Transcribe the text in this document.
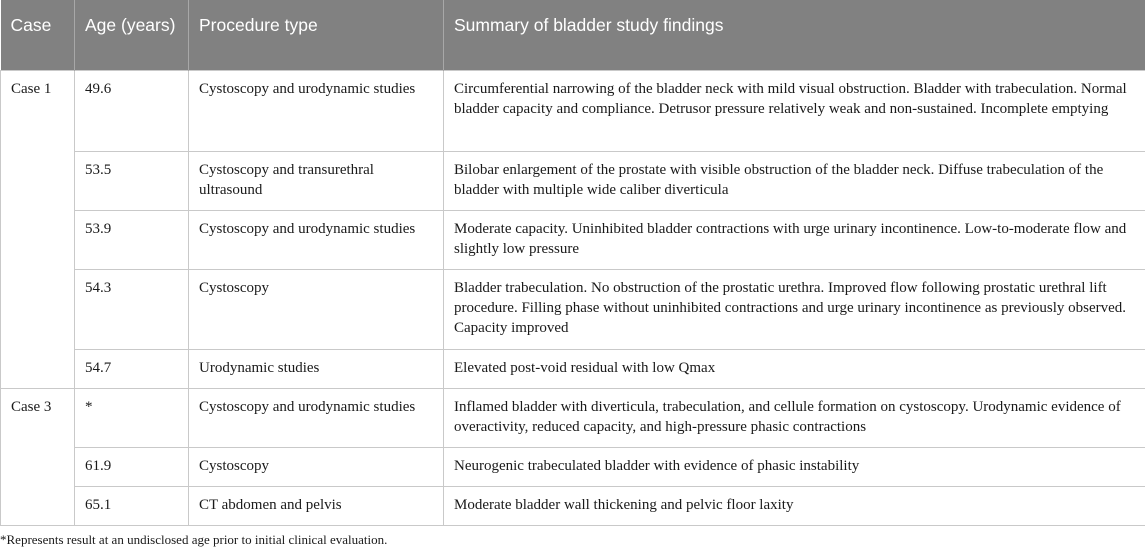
Case	Age (years)	Procedure type	Summary of bladder study findings
Case 1	49.6	Cystoscopy and urodynamic studies	Circumferential narrowing of the bladder neck with mild visual obstruction. Bladder with trabeculation. Normal bladder capacity and compliance. Detrusor pressure relatively weak and non-sustained. Incomplete emptying
	53.5	Cystoscopy and transurethral ultrasound	Bilobar enlargement of the prostate with visible obstruction of the bladder neck. Diffuse trabeculation of the bladder with multiple wide caliber diverticula
	53.9	Cystoscopy and urodynamic studies	Moderate capacity. Uninhibited bladder contractions with urge urinary incontinence. Low-to-moderate flow and slightly low pressure
	54.3	Cystoscopy	Bladder trabeculation. No obstruction of the prostatic urethra. Improved flow following prostatic urethral lift procedure. Filling phase without uninhibited contractions and urge urinary incontinence as previously observed. Capacity improved
	54.7	Urodynamic studies	Elevated post-void residual with low Qmax
Case 3	*	Cystoscopy and urodynamic studies	Inflamed bladder with diverticula, trabeculation, and cellule formation on cystoscopy. Urodynamic evidence of overactivity, reduced capacity, and high-pressure phasic contractions
	61.9	Cystoscopy	Neurogenic trabeculated bladder with evidence of phasic instability
	65.1	CT abdomen and pelvis	Moderate bladder wall thickening and pelvic floor laxity
*Represents result at an undisclosed age prior to initial clinical evaluation.
